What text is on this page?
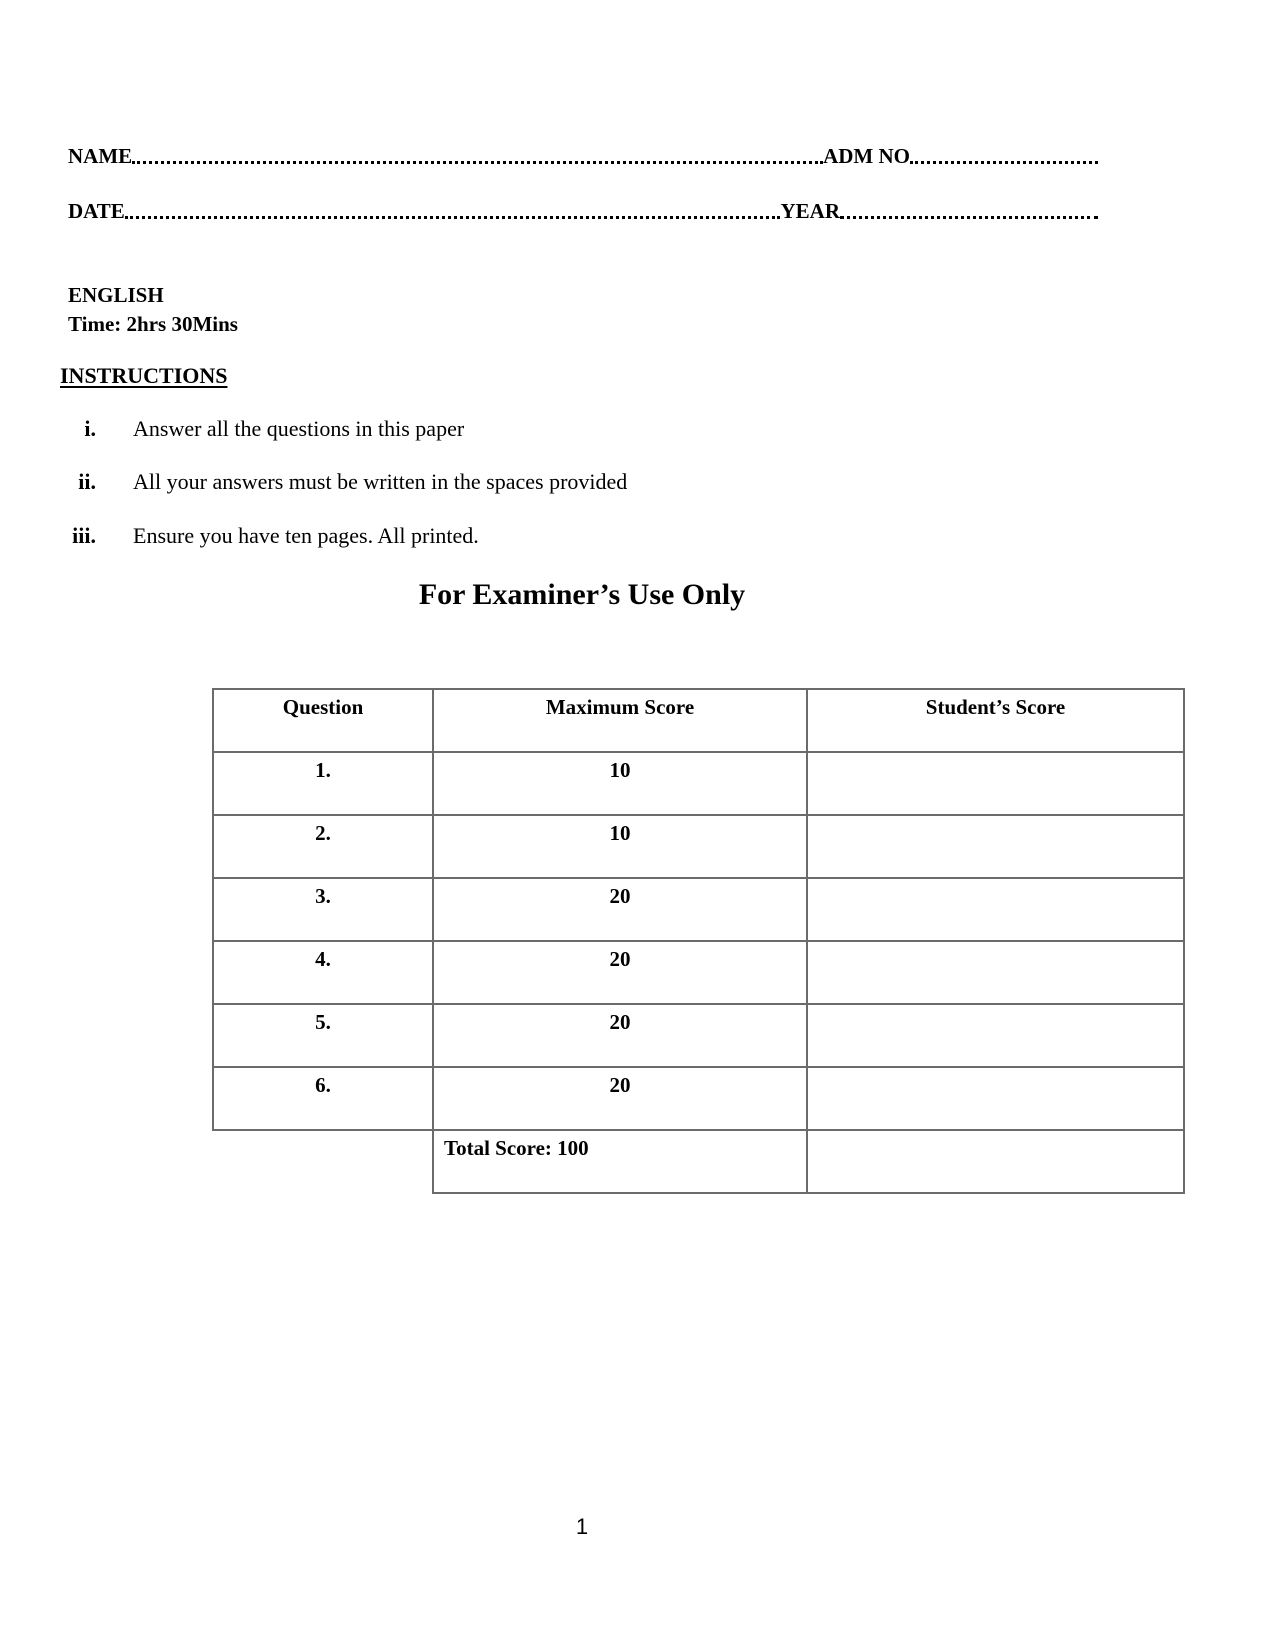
NAME	ADM NO
DATE	YEAR
ENGLISH
Time: 2hrs 30Mins
INSTRUCTIONS
i. Answer all the questions in this paper
ii. All your answers must be written in the spaces provided
iii. Ensure you have ten pages. All printed.
For Examiner’s Use Only
Question	Maximum Score	Student’s Score
1.	10	
2.	10	
3.	20	
4.	20	
5.	20	
6.	20	
	Total Score: 100	
1
